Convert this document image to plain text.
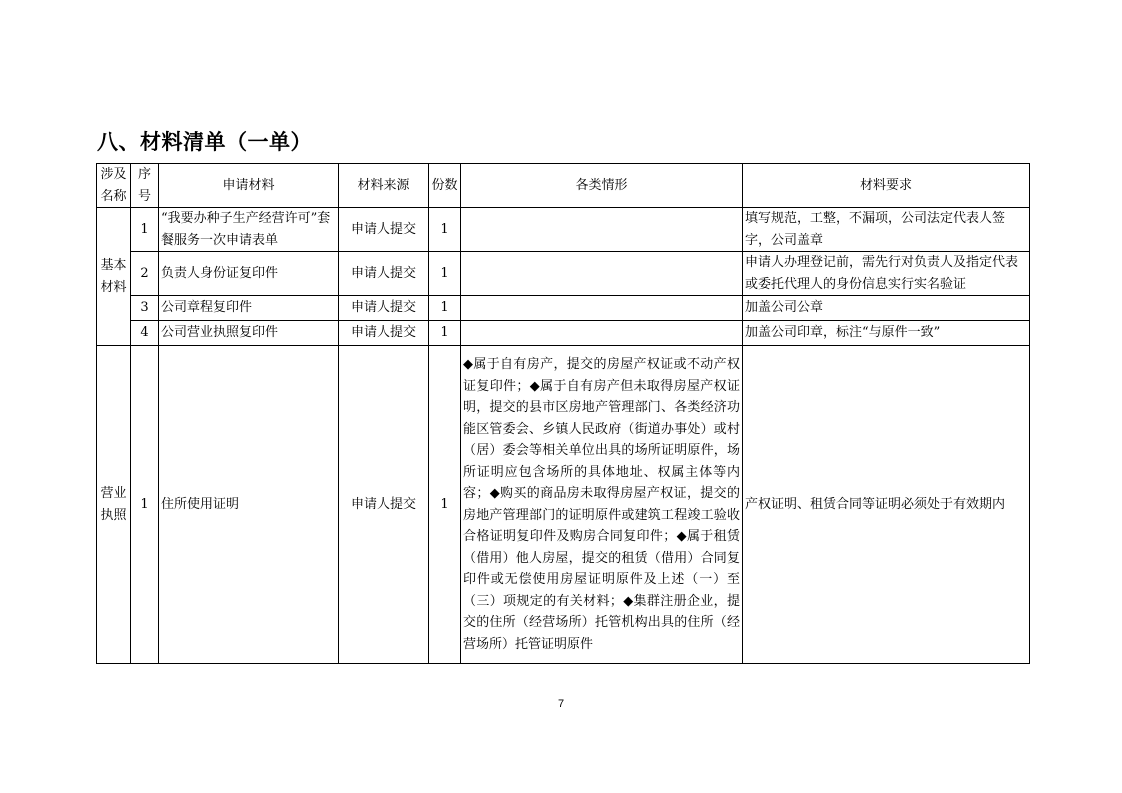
八、材料清单（一单）
涉及名称	序号	申请材料	材料来源	份数	各类情形	材料要求
基本材料	1	“我要办种子生产经营许可”套餐服务一次申请表单	申请人提交	1		填写规范，工整，不漏项，公司法定代表人签字，公司盖章
	2	负责人身份证复印件	申请人提交	1		申请人办理登记前，需先行对负责人及指定代表或委托代理人的身份信息实行实名验证
	3	公司章程复印件	申请人提交	1		加盖公司公章
	4	公司营业执照复印件	申请人提交	1		加盖公司印章，标注“与原件一致”
营业执照	1	住所使用证明	申请人提交	1	◆属于自有房产，提交的房屋产权证或不动产权证复印件；◆属于自有房产但未取得房屋产权证明，提交的县市区房地产管理部门、各类经济功能区管委会、乡镇人民政府（街道办事处）或村（居）委会等相关单位出具的场所证明原件，场所证明应包含场所的具体地址、权属主体等内容；◆购买的商品房未取得房屋产权证，提交的房地产管理部门的证明原件或建筑工程竣工验收合格证明复印件及购房合同复印件；◆属于租赁（借用）他人房屋，提交的租赁（借用）合同复印件或无偿使用房屋证明原件及上述（一）至（三）项规定的有关材料；◆集群注册企业，提交的住所（经营场所）托管机构出具的住所（经营场所）托管证明原件	产权证明、租赁合同等证明必须处于有效期内
7
